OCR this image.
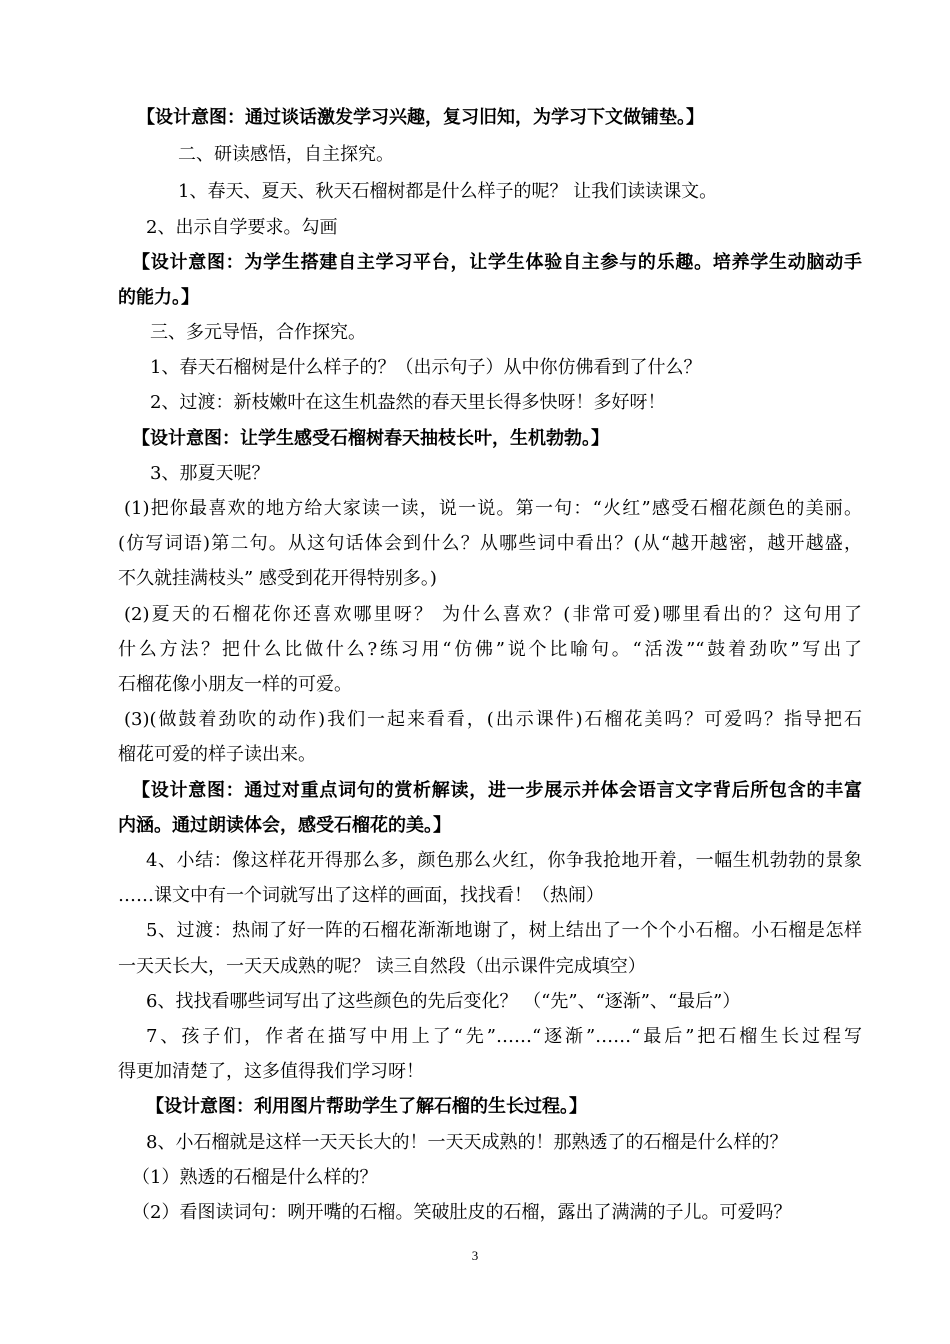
【设计意图：通过谈话激发学习兴趣，复习旧知，为学习下文做铺垫。】
二、研读感悟，自主探究。
1、春天、夏天、秋天石榴树都是什么样子的呢？ 让我们读读课文。
2、出示自学要求。勾画
【设计意图：为学生搭建自主学习平台，让学生体验自主参与的乐趣。培养学生动脑动手
的能力。】
三、多元导悟，合作探究。
1、春天石榴树是什么样子的？（出示句子）从中你仿佛看到了什么？
2、过渡：新枝嫩叶在这生机盎然的春天里长得多快呀！多好呀！
【设计意图：让学生感受石榴树春天抽枝长叶，生机勃勃。】
3、那夏天呢？
(1)把你最喜欢的地方给大家读一读，说一说。第一句：“火红”感受石榴花颜色的美丽。
(仿写词语)第二句。从这句话体会到什么？从哪些词中看出？(从“越开越密，越开越盛，
不久就挂满枝头” 感受到花开得特别多。)
(2)夏天的石榴花你还喜欢哪里呀？ 为什么喜欢？(非常可爱)哪里看出的？这句用了
什么方法？把什么比做什么?练习用“仿佛”说个比喻句。“活泼”“鼓着劲吹”写出了
石榴花像小朋友一样的可爱。
(3)(做鼓着劲吹的动作)我们一起来看看，(出示课件)石榴花美吗？可爱吗？指导把石
榴花可爱的样子读出来。
【设计意图：通过对重点词句的赏析解读，进一步展示并体会语言文字背后所包含的丰富
内涵。通过朗读体会，感受石榴花的美。】
4、小结：像这样花开得那么多，颜色那么火红，你争我抢地开着，一幅生机勃勃的景象
……课文中有一个词就写出了这样的画面，找找看！（热闹）
5、过渡：热闹了好一阵的石榴花渐渐地谢了，树上结出了一个个小石榴。小石榴是怎样
一天天长大，一天天成熟的呢？ 读三自然段（出示课件完成填空）
6、找找看哪些词写出了这些颜色的先后变化？ （“先”、“逐渐”、“最后”）
7、孩子们，作者在描写中用上了“先”……“逐渐”……“最后”把石榴生长过程写
得更加清楚了，这多值得我们学习呀！
【设计意图：利用图片帮助学生了解石榴的生长过程。】
8、小石榴就是这样一天天长大的！一天天成熟的！那熟透了的石榴是什么样的？
（1）熟透的石榴是什么样的？
（2）看图读词句：咧开嘴的石榴。笑破肚皮的石榴，露出了满满的子儿。可爱吗？
3
